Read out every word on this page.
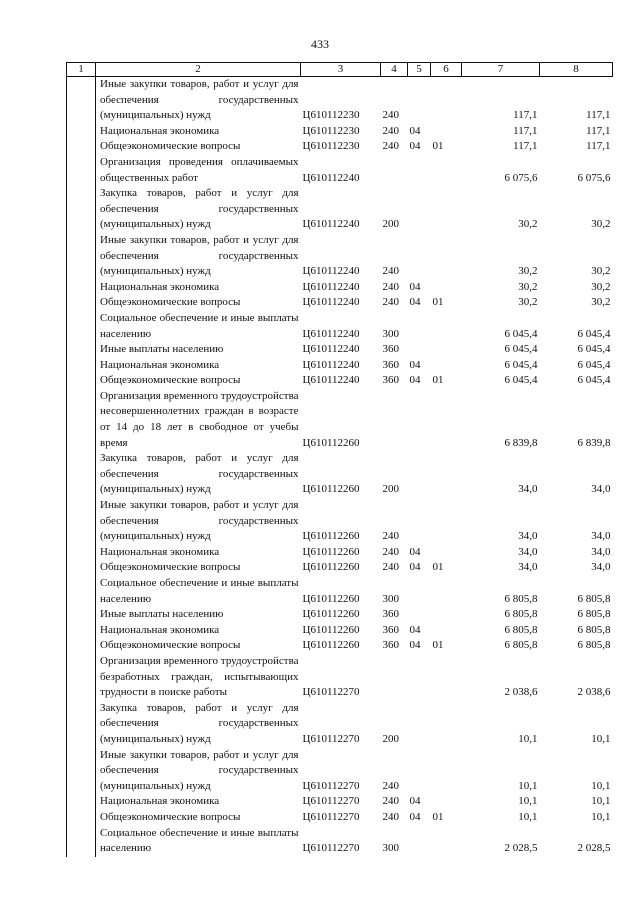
433
1	2	3	4	5	6	7	8
	Иные закупки товаров, работ и услуг для обеспечения государственных (муниципальных) нужд	Ц610112230	240			117,1	117,1
	Национальная экономика	Ц610112230	240	04		117,1	117,1
	Общеэкономические вопросы	Ц610112230	240	04	01	117,1	117,1
	Организация проведения оплачиваемых общественных работ	Ц610112240				6 075,6	6 075,6
	Закупка товаров, работ и услуг для обеспечения государственных (муниципальных) нужд	Ц610112240	200			30,2	30,2
	Иные закупки товаров, работ и услуг для обеспечения государственных (муниципальных) нужд	Ц610112240	240			30,2	30,2
	Национальная экономика	Ц610112240	240	04		30,2	30,2
	Общеэкономические вопросы	Ц610112240	240	04	01	30,2	30,2
	Социальное обеспечение и иные выплаты населению	Ц610112240	300			6 045,4	6 045,4
	Иные выплаты населению	Ц610112240	360			6 045,4	6 045,4
	Национальная экономика	Ц610112240	360	04		6 045,4	6 045,4
	Общеэкономические вопросы	Ц610112240	360	04	01	6 045,4	6 045,4
	Организация временного трудоустройства несовершеннолетних граждан в возрасте от 14 до 18 лет в свободное от учебы время	Ц610112260				6 839,8	6 839,8
	Закупка товаров, работ и услуг для обеспечения государственных (муниципальных) нужд	Ц610112260	200			34,0	34,0
	Иные закупки товаров, работ и услуг для обеспечения государственных (муниципальных) нужд	Ц610112260	240			34,0	34,0
	Национальная экономика	Ц610112260	240	04		34,0	34,0
	Общеэкономические вопросы	Ц610112260	240	04	01	34,0	34,0
	Социальное обеспечение и иные выплаты населению	Ц610112260	300			6 805,8	6 805,8
	Иные выплаты населению	Ц610112260	360			6 805,8	6 805,8
	Национальная экономика	Ц610112260	360	04		6 805,8	6 805,8
	Общеэкономические вопросы	Ц610112260	360	04	01	6 805,8	6 805,8
	Организация временного трудоустройства безработных граждан, испытывающих трудности в поиске работы	Ц610112270				2 038,6	2 038,6
	Закупка товаров, работ и услуг для обеспечения государственных (муниципальных) нужд	Ц610112270	200			10,1	10,1
	Иные закупки товаров, работ и услуг для обеспечения государственных (муниципальных) нужд	Ц610112270	240			10,1	10,1
	Национальная экономика	Ц610112270	240	04		10,1	10,1
	Общеэкономические вопросы	Ц610112270	240	04	01	10,1	10,1
	Социальное обеспечение и иные выплаты населению	Ц610112270	300			2 028,5	2 028,5
